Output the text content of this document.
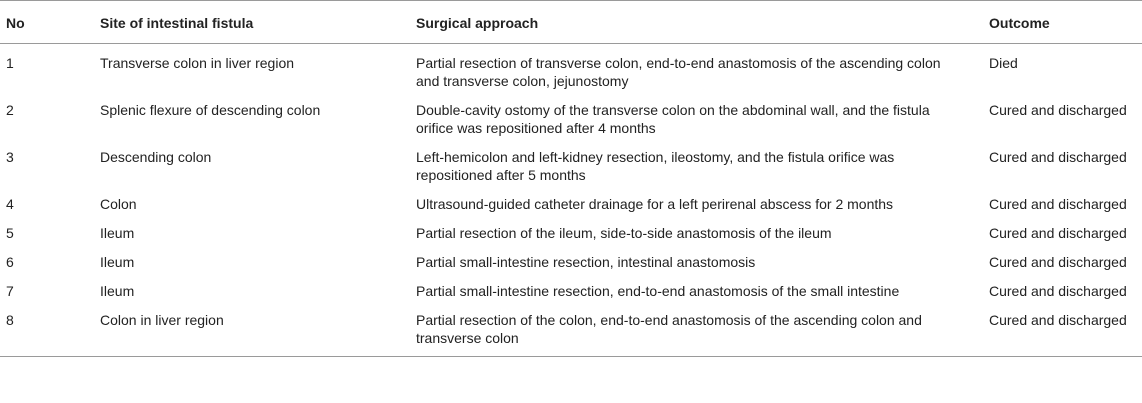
No	Site of intestinal fistula	Surgical approach	Outcome
1	Transverse colon in liver region	Partial resection of transverse colon, end-to-end anastomosis of the ascending colon and transverse colon, jejunostomy	Died
2	Splenic flexure of descending colon	Double-cavity ostomy of the transverse colon on the abdominal wall, and the fistula orifice was repositioned after 4 months	Cured and discharged
3	Descending colon	Left-hemicolon and left-kidney resection, ileostomy, and the fistula orifice was repositioned after 5 months	Cured and discharged
4	Colon	Ultrasound-guided catheter drainage for a left perirenal abscess for 2 months	Cured and discharged
5	Ileum	Partial resection of the ileum, side-to-side anastomosis of the ileum	Cured and discharged
6	Ileum	Partial small-intestine resection, intestinal anastomosis	Cured and discharged
7	Ileum	Partial small-intestine resection, end-to-end anastomosis of the small intestine	Cured and discharged
8	Colon in liver region	Partial resection of the colon, end-to-end anastomosis of the ascending colon and transverse colon	Cured and discharged
